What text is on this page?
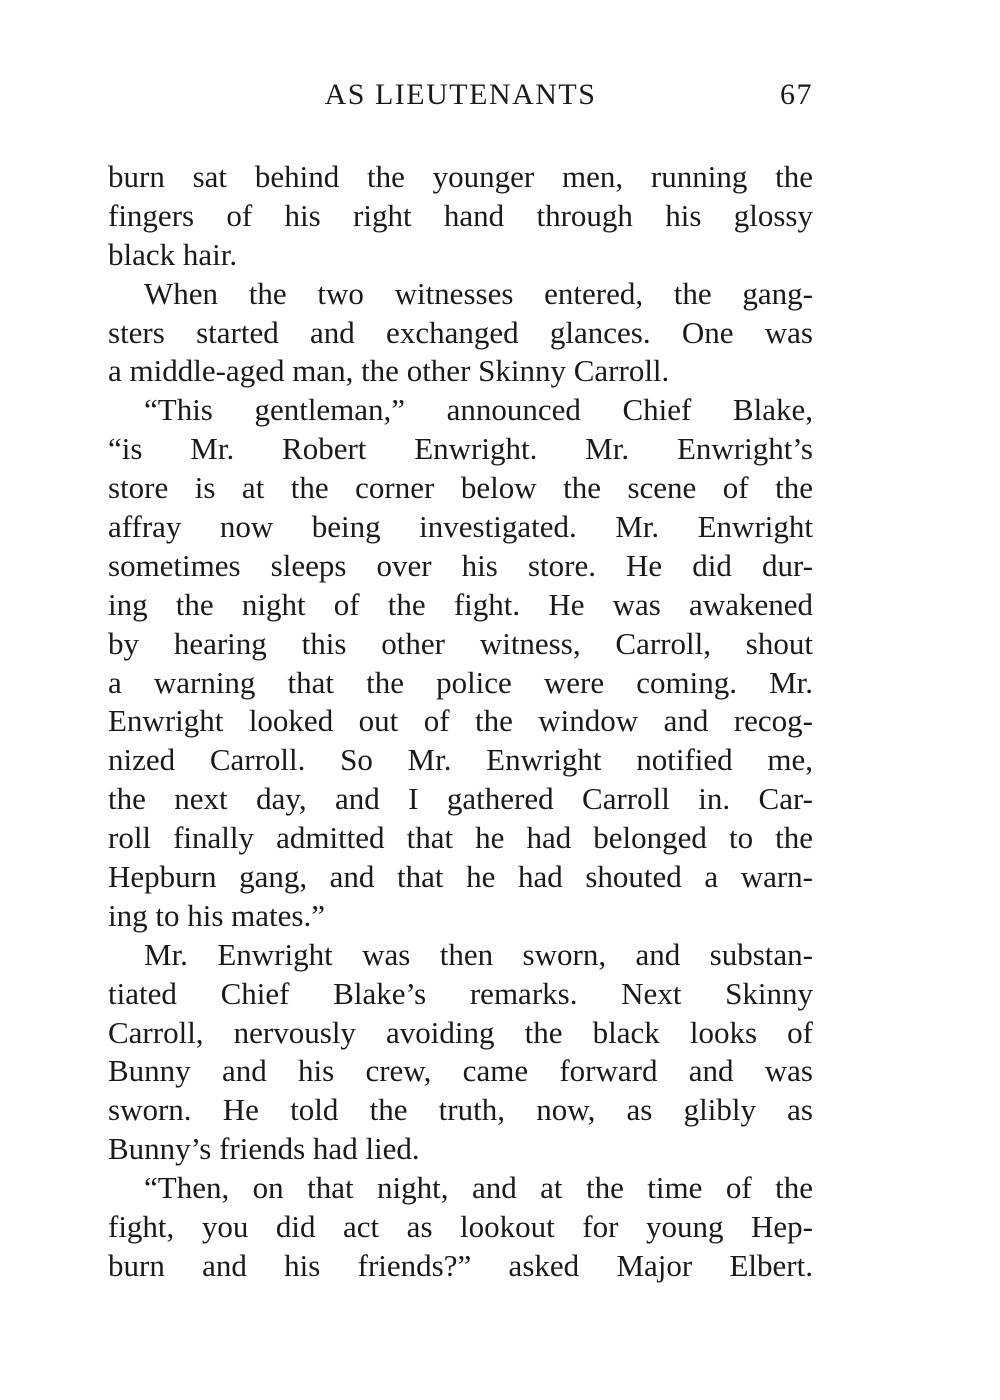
AS LIEUTENANTS	67
burn sat behind the younger men, running the
fingers of his right hand through his glossy
black hair.
When the two witnesses entered, the gang-
sters started and exchanged glances. One was
a middle-aged man, the other Skinny Carroll.
“This gentleman,” announced Chief Blake,
“is Mr. Robert Enwright. Mr. Enwright’s
store is at the corner below the scene of the
affray now being investigated. Mr. Enwright
sometimes sleeps over his store. He did dur-
ing the night of the fight. He was awakened
by hearing this other witness, Carroll, shout
a warning that the police were coming. Mr.
Enwright looked out of the window and recog-
nized Carroll. So Mr. Enwright notified me,
the next day, and I gathered Carroll in. Car-
roll finally admitted that he had belonged to the
Hepburn gang, and that he had shouted a warn-
ing to his mates.”
Mr. Enwright was then sworn, and substan-
tiated Chief Blake’s remarks. Next Skinny
Carroll, nervously avoiding the black looks of
Bunny and his crew, came forward and was
sworn. He told the truth, now, as glibly as
Bunny’s friends had lied.
“Then, on that night, and at the time of the
fight, you did act as lookout for young Hep-
burn and his friends?” asked Major Elbert.
